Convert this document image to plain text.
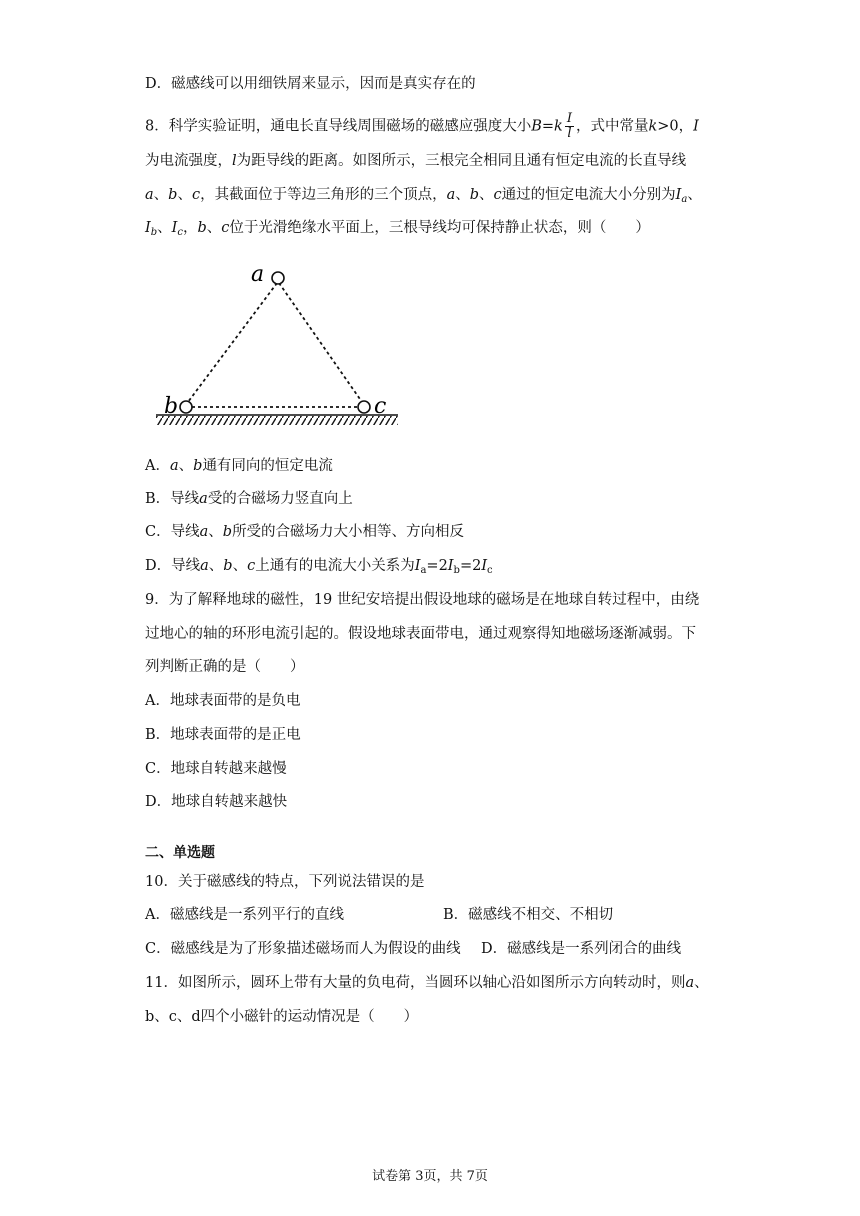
D．磁感线可以用细铁屑来显示，因而是真实存在的
8．科学实验证明，通电长直导线周围磁场的磁感应强度大小$B=k \frac{I}{l}$ ，式中常量k>0，I
为电流强度，l为距导线的距离。如图所示，三根完全相同且通有恒定电流的长直导线
a、b、c，其截面位于等边三角形的三个顶点，a、b、c通过的恒定电流大小分别为$I_a$、
$I_b$、$I_c$，b、c位于光滑绝缘水平面上，三根导线均可保持静止状态，则（　　）
a
b	c
A．a、b通有同向的恒定电流
B．导线a受的合磁场力竖直向上
C．导线a、b所受的合磁场力大小相等、方向相反
D．导线a、b、c上通有的电流大小关系为$I_a=2I_b=2I_c$
9．为了解释地球的磁性，19 世纪安培提出假设地球的磁场是在地球自转过程中，由绕
过地心的轴的环形电流引起的。假设地球表面带电，通过观察得知地磁场逐渐减弱。下
列判断正确的是（　　）
A．地球表面带的是负电
B．地球表面带的是正电
C．地球自转越来越慢
D．地球自转越来越快
二、单选题
10．关于磁感线的特点，下列说法错误的是
A．磁感线是一系列平行的直线	B．磁感线不相交、不相切
C．磁感线是为了形象描述磁场而人为假设的曲线 D．磁感线是一系列闭合的曲线
11．如图所示，圆环上带有大量的负电荷，当圆环以轴心沿如图所示方向转动时，则a、
b、c、d四个小磁针的运动情况是（　　）
试卷第 3页，共 7页
